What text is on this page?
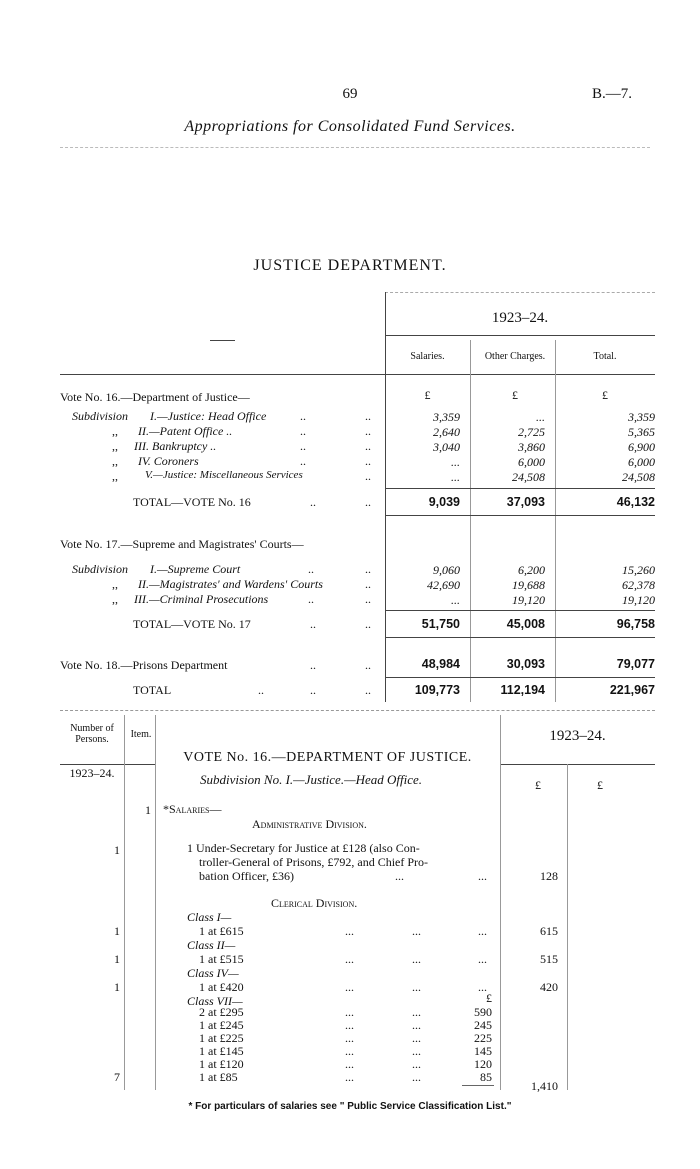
69	B.—7.
Appropriations for Consolidated Fund Services.
JUSTICE DEPARTMENT.
1923–24.
Salaries.	Other Charges.	Total.
Vote No. 16.—Department of Justice—	£	£	£
Subdivision I.—Justice: Head Office	..	..	3,359	...	3,359
,, II.—Patent Office ..	..	..	2,640	2,725	5,365
,, III. Bankruptcy ..	..	..	3,040	3,860	6,900
,, IV. Coroners	..	..	...	6,000	6,000
,, V.—Justice: Miscellaneous Services	..	...	24,508	24,508
TOTAL—VOTE No. 16	..	..	9,039	37,093	46,132
Vote No. 17.—Supreme and Magistrates' Courts—
Subdivision I.—Supreme Court	..	..	9,060	6,200	15,260
,, II.—Magistrates' and Wardens' Courts	..	42,690	19,688	62,378
,, III.—Criminal Prosecutions	..	..	...	19,120	19,120
TOTAL—VOTE No. 17	..	..	51,750	45,008	96,758
Vote No. 18.—Prisons Department	..	..	48,984	30,093	79,077
TOTAL	..	..	..	109,773	112,194	221,967
Number of Persons.	Item.	1923–24.
VOTE No. 16.—DEPARTMENT OF JUSTICE.
1923–24.	Subdivision No. I.—Justice.—Head Office.	£	£
1 *Salaries—
Administrative Division.
1	1 Under-Secretary for Justice at £128 (also Con-
troller-General of Prisons, £792, and Chief Pro-
bation Officer, £36)	...	...	128
Clerical Division.
Class I—
1	1 at £615	...	...	...	615
Class II—
1	1 at £515	...	...	...	515
Class IV—
1	1 at £420	...	...	...	420
Class VII—	£
2 at £295	...	...	590
1 at £245	...	...	245
1 at £225	...	...	225
1 at £145	...	...	145
1 at £120	...	...	120
7	1 at £85	...	...	85
1,410
* For particulars of salaries see " Public Service Classification List."
